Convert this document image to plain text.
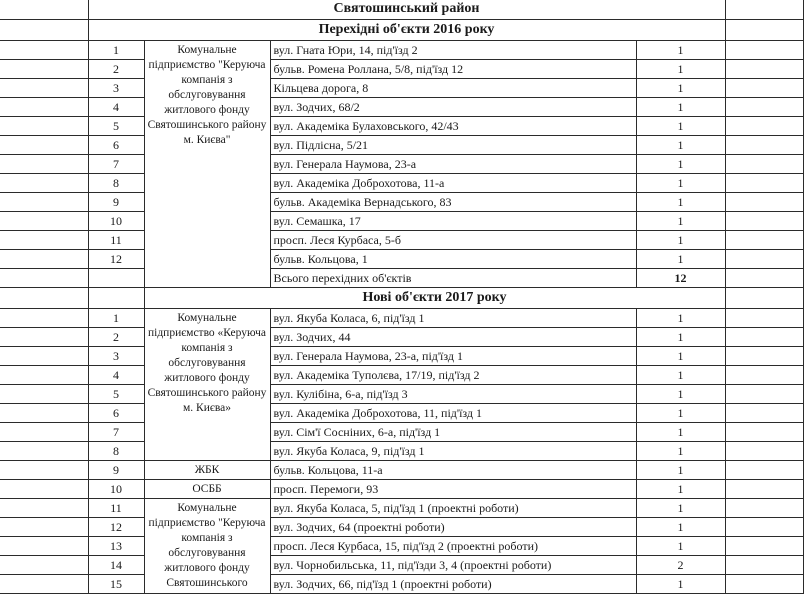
	Святошинський район				
	Перехідні об'єкти 2016 року				
	1	Комунальне підприємство "Керуюча компанія з обслуговування житлового фонду Святошинського району м. Києва"	вул. Гната Юри, 14, під'їзд 2	1	
	2		бульв. Ромена Роллана, 5/8, під'їзд 12	1	
	3		Кільцева дорога, 8	1	
	4		вул. Зодчих, 68/2	1	
	5		вул. Академіка Булаховського, 42/43	1	
	6		вул. Підлісна, 5/21	1	
	7		вул. Генерала Наумова, 23-а	1	
	8		вул. Академіка Доброхотова, 11-а	1	
	9		бульв. Академіка Вернадського, 83	1	
	10		вул. Семашка, 17	1	
	11		просп. Леся Курбаса, 5-б	1	
	12		бульв. Кольцова, 1	1	
			Всього перехідних об'єктів	12	
		Нові об'єкти 2017 року			
	1	Комунальне підприємство «Керуюча компанія з обслуговування житлового фонду Святошинського району м. Києва»	вул. Якуба Коласа, 6, під'їзд 1	1	
	2		вул. Зодчих, 44	1	
	3		вул. Генерала Наумова, 23-а, під'їзд 1	1	
	4		вул. Академіка Туполєва, 17/19, під'їзд 2	1	
	5		вул. Кулібіна, 6-а, під'їзд 3	1	
	6		вул. Академіка Доброхотова, 11, під'їзд 1	1	
	7		вул. Сім'ї Сосніних, 6-а, під'їзд 1	1	
	8		вул. Якуба Коласа, 9, під'їзд 1	1	
	9	ЖБК	бульв. Кольцова, 11-а	1	
	10	ОСББ	просп. Перемоги, 93	1	
	11	Комунальне підприємство "Керуюча компанія з обслуговування житлового фонду Святошинського	вул. Якуба Коласа, 5, під'їзд 1 (проектні роботи)	1	
	12		вул. Зодчих, 64 (проектні роботи)	1	
	13		просп. Леся Курбаса, 15, під'їзд 2 (проектні роботи)	1	
	14		вул. Чорнобильська, 11, під'їзди 3, 4 (проектні роботи)	2	
	15		вул. Зодчих, 66, під'їзд 1 (проектні роботи)	1	
